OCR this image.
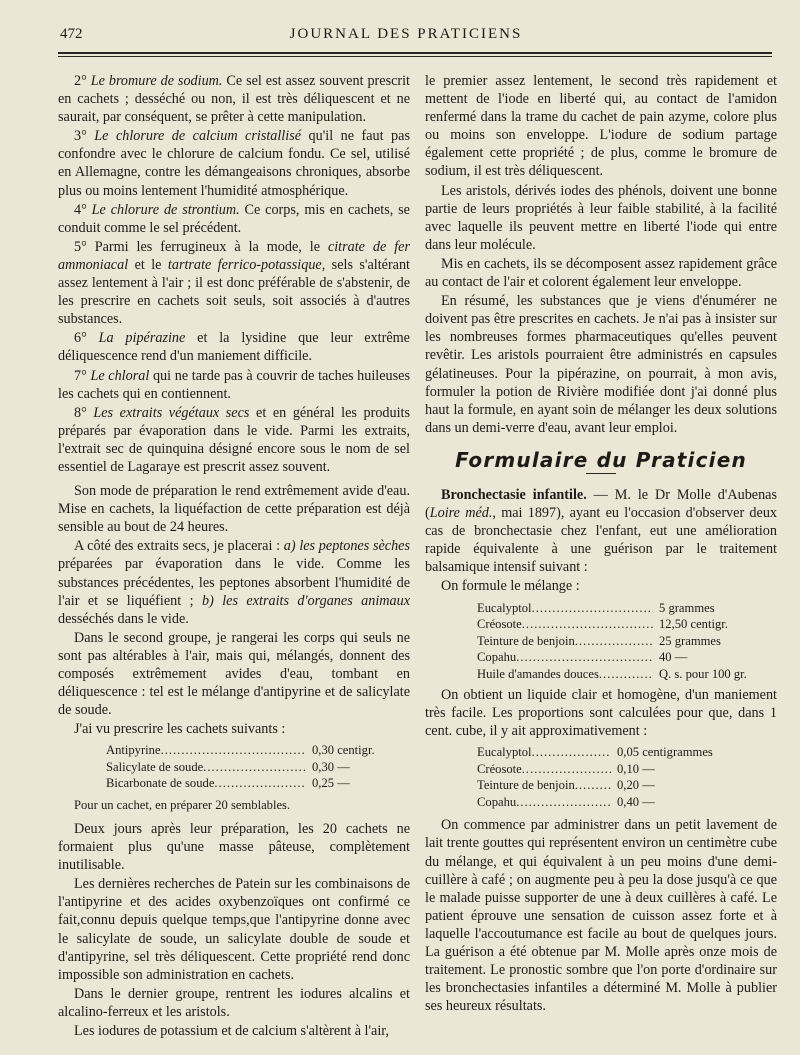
472	JOURNAL DES PRATICIENS

2° Le bromure de sodium. Ce sel est assez souvent prescrit en cachets ; desséché ou non, il est très déliquescent et ne saurait, par conséquent, se prêter à cette manipulation.

3° Le chlorure de calcium cristallisé qu'il ne faut pas confondre avec le chlorure de calcium fondu. Ce sel, utilisé en Allemagne, contre les démangeaisons chroniques, absorbe plus ou moins lentement l'humidité atmosphérique.

4° Le chlorure de strontium. Ce corps, mis en cachets, se conduit comme le sel précédent.

5° Parmi les ferrugineux à la mode, le citrate de fer ammoniacal et le tartrate ferrico-potassique, sels s'altérant assez lentement à l'air ; il est donc préférable de s'abstenir, de les prescrire en cachets soit seuls, soit associés à d'autres substances.

6° La pipérazine et la lysidine que leur extrême déliquescence rend d'un maniement difficile.

7° Le chloral qui ne tarde pas à couvrir de taches huileuses les cachets qui en contiennent.

8° Les extraits végétaux secs et en général les produits préparés par évaporation dans le vide. Parmi les extraits, l'extrait sec de quinquina désigné encore sous le nom de sel essentiel de Lagaraye est prescrit assez souvent.

Son mode de préparation le rend extrêmement avide d'eau. Mise en cachets, la liquéfaction de cette préparation est déjà sensible au bout de 24 heures.

A côté des extraits secs, je placerai : a) les peptones sèches préparées par évaporation dans le vide. Comme les substances précédentes, les peptones absorbent l'humidité de l'air et se liquéfient ; b) les extraits d'organes animaux desséchés dans le vide.

Dans le second groupe, je rangerai les corps qui seuls ne sont pas altérables à l'air, mais qui, mélangés, donnent des composés extrêmement avides d'eau, tombant en déliquescence : tel est le mélange d'antipyrine et de salicylate de soude.

J'ai vu prescrire les cachets suivants :

Antipyrine .....	0,30 centigr.
Salicylate de soude .....	0,30 —
Bicarbonate de soude .....	0,25 —

Pour un cachet, en préparer 20 semblables.

Deux jours après leur préparation, les 20 cachets ne formaient plus qu'une masse pâteuse, complètement inutilisable.

Les dernières recherches de Patein sur les combinaisons de l'antipyrine et des acides oxybenzoïques ont confirmé ce fait,connu depuis quelque temps,que l'antipyrine donne avec le salicylate de soude, un salicylate double de soude et d'antipyrine, sel très déliquescent. Cette propriété rend donc impossible son administration en cachets.

Dans le dernier groupe, rentrent les iodures alcalins et alcalino-ferreux et les aristols.

Les iodures de potassium et de calcium s'altèrent à l'air,

le premier assez lentement, le second très rapidement et mettent de l'iode en liberté qui, au contact de l'amidon renfermé dans la trame du cachet de pain azyme, colore plus ou moins son enveloppe. L'iodure de sodium partage également cette propriété ; de plus, comme le bromure de sodium, il est très déliquescent.

Les aristols, dérivés iodes des phénols, doivent une bonne partie de leurs propriétés à leur faible stabilité, à la facilité avec laquelle ils peuvent mettre en liberté l'iode qui entre dans leur molécule.

Mis en cachets, ils se décomposent assez rapidement grâce au contact de l'air et colorent également leur enveloppe.

En résumé, les substances que je viens d'énumérer ne doivent pas être prescrites en cachets. Je n'ai pas à insister sur les nombreuses formes pharmaceutiques qu'elles peuvent revêtir. Les aristols pourraient être administrés en capsules gélatineuses. Pour la pipérazine, on pourrait, à mon avis, formuler la potion de Rivière modifiée dont j'ai donné plus haut la formule, en ayant soin de mélanger les deux solutions dans un demi-verre d'eau, avant leur emploi.

Formulaire du Praticien

Bronchectasie infantile. — M. le Dr Molle d'Aubenas (Loire méd., mai 1897), ayant eu l'occasion d'observer deux cas de bronchectasie chez l'enfant, eut une amélioration rapide équivalente à une guérison par le traitement balsamique intensif suivant :

On formule le mélange :

Eucalyptol .....	5 grammes
Créosote .....	12,50 centigr.
Teinture de benjoin .....	25 grammes
Copahu .....	40 —
Huile d'amandes douces .....	Q. s. pour 100 gr.

On obtient un liquide clair et homogène, d'un maniement très facile. Les proportions sont calculées pour que, dans 1 cent. cube, il y ait approximativement :

Eucalyptol .....	0,05 centigrammes
Créosote .....	0,10 —
Teinture de benjoin .....	0,20 —
Copahu .....	0,40 —

On commence par administrer dans un petit lavement de lait trente gouttes qui représentent environ un centimètre cube du mélange, et qui équivalent à un peu moins d'une demi-cuillère à café ; on augmente peu à peu la dose jusqu'à ce que le malade puisse supporter de une à deux cuillères à café. Le patient éprouve une sensation de cuisson assez forte et à laquelle l'accoutumance est facile au bout de quelques jours. La guérison a été obtenue par M. Molle après onze mois de traitement. Le pronostic sombre que l'on porte d'ordinaire sur les bronchectasies infantiles a déterminé M. Molle à publier ses heureux résultats.
